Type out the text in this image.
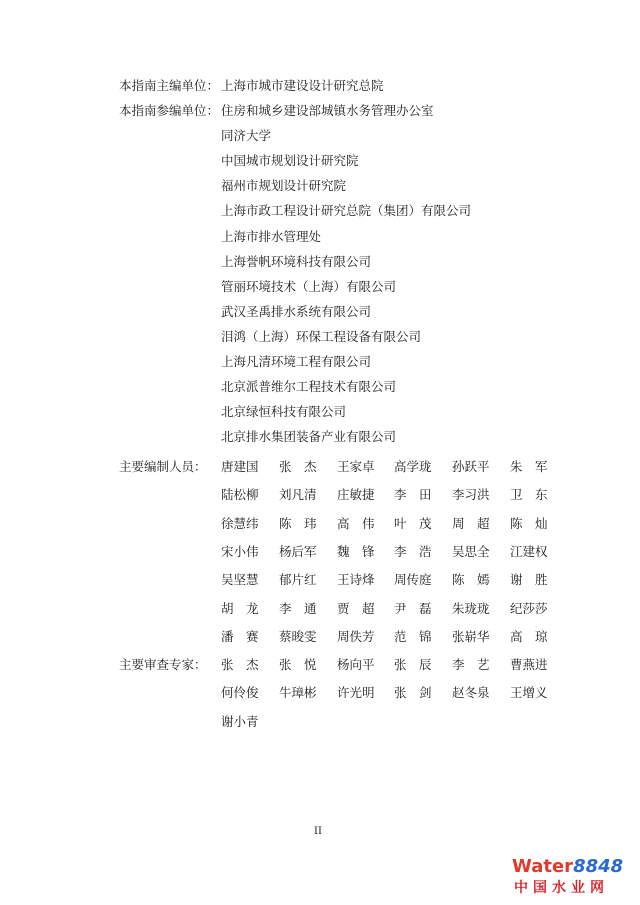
本指南主编单位： 上海市城市建设设计研究总院
本指南参编单位： 住房和城乡建设部城镇水务管理办公室
同济大学
中国城市规划设计研究院
福州市规划设计研究院
上海市政工程设计研究总院（集团）有限公司
上海市排水管理处
上海誉帆环境科技有限公司
管丽环境技术（上海）有限公司
武汉圣禹排水系统有限公司
泪鸿（上海）环保工程设备有限公司
上海凡清环境工程有限公司
北京派普维尔工程技术有限公司
北京绿恒科技有限公司
北京排水集团装备产业有限公司
主要编制人员： 唐建国 张　杰 王家卓 高学珑 孙跃平 朱　军
陆松柳 刘凡清 庄敏捷 李　田 李习洪 卫　东
徐慧纬 陈　玮 高　伟 叶　茂 周　超 陈　灿
宋小伟 杨后军 魏　锋 李　浩 吴思全 江建权
吴坚慧 郁片红 王诗烽 周传庭 陈　嫣 谢　胜
胡　龙 李　通 贾　超 尹　磊 朱珑珑 纪莎莎
潘　赛 蔡晙雯 周佚芳 范　锦 张崭华 高　琼
主要审查专家： 张　杰 张　悦 杨向平 张　辰 李　艺 曹燕进
何伶俊 牛璋彬 许光明 张　剑 赵冬泉 王增义
谢小青
II
Water8848
中国水业网
